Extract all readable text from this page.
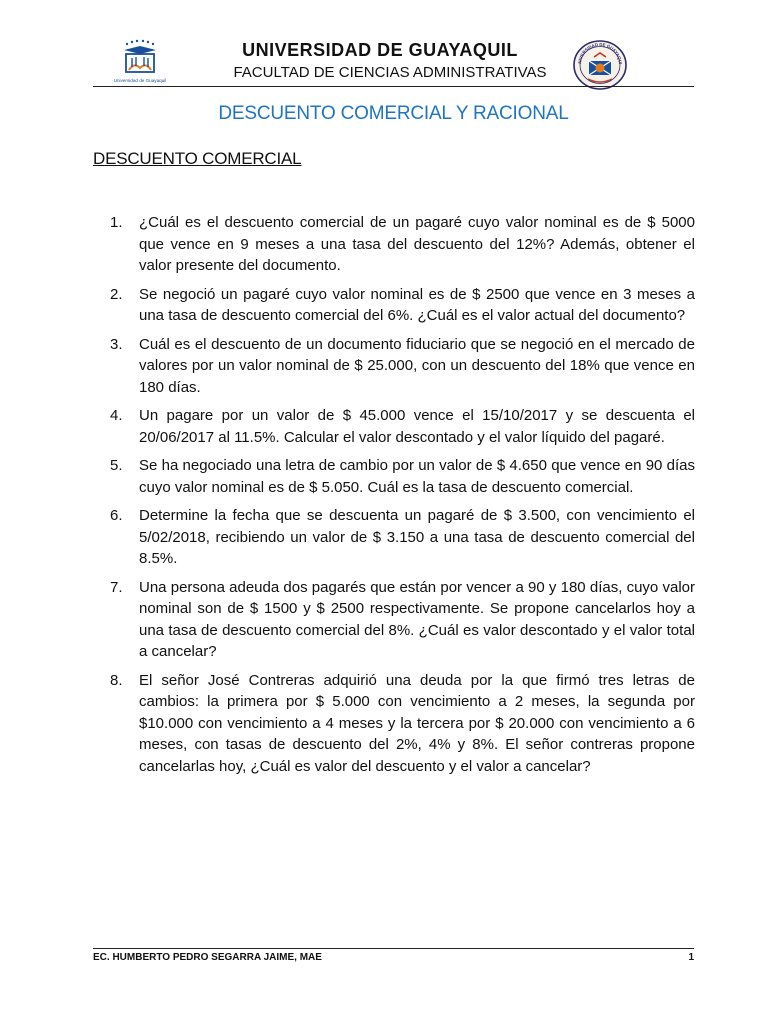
Universidad de Guayaquil
UNIVERSIDAD DE GUAYAQUIL
FACULTAD DE CIENCIAS ADMINISTRATIVAS
NIVERSIDAD DE GUAYAQUI
DESCUENTO COMERCIAL Y RACIONAL
DESCUENTO COMERCIAL
1.	¿Cuál es el descuento comercial de un pagaré cuyo valor nominal es de $ 5000 que vence en 9 meses a una tasa del descuento del 12%? Además, obtener el valor presente del documento.
2.	Se negoció un pagaré cuyo valor nominal es de $ 2500 que vence en 3 meses a una tasa de descuento comercial del 6%. ¿Cuál es el valor actual del documento?
3.	Cuál es el descuento de un documento fiduciario que se negoció en el mercado de valores por un valor nominal de $ 25.000, con un descuento del 18% que vence en 180 días.
4.	Un pagare por un valor de $ 45.000 vence el 15/10/2017 y se descuenta el 20/06/2017 al 11.5%. Calcular el valor descontado y el valor líquido del pagaré.
5.	Se ha negociado una letra de cambio por un valor de $ 4.650 que vence en 90 días cuyo valor nominal es de $ 5.050. Cuál es la tasa de descuento comercial.
6.	Determine la fecha que se descuenta un pagaré de $ 3.500, con vencimiento el 5/02/2018, recibiendo un valor de $ 3.150 a una tasa de descuento comercial del 8.5%.
7.	Una persona adeuda dos pagarés que están por vencer a 90 y 180 días, cuyo valor nominal son de $ 1500 y $ 2500 respectivamente. Se propone cancelarlos hoy a una tasa de descuento comercial del 8%. ¿Cuál es valor descontado y el valor total a cancelar?
8.	El señor José Contreras adquirió una deuda por la que firmó tres letras de cambios: la primera por $ 5.000 con vencimiento a 2 meses, la segunda por $10.000 con vencimiento a 4 meses y la tercera por $ 20.000 con vencimiento a 6 meses, con tasas de descuento del 2%, 4% y 8%. El señor contreras propone cancelarlas hoy, ¿Cuál es valor del descuento y el valor a cancelar?
EC. HUMBERTO PEDRO SEGARRA JAIME, MAE	1
